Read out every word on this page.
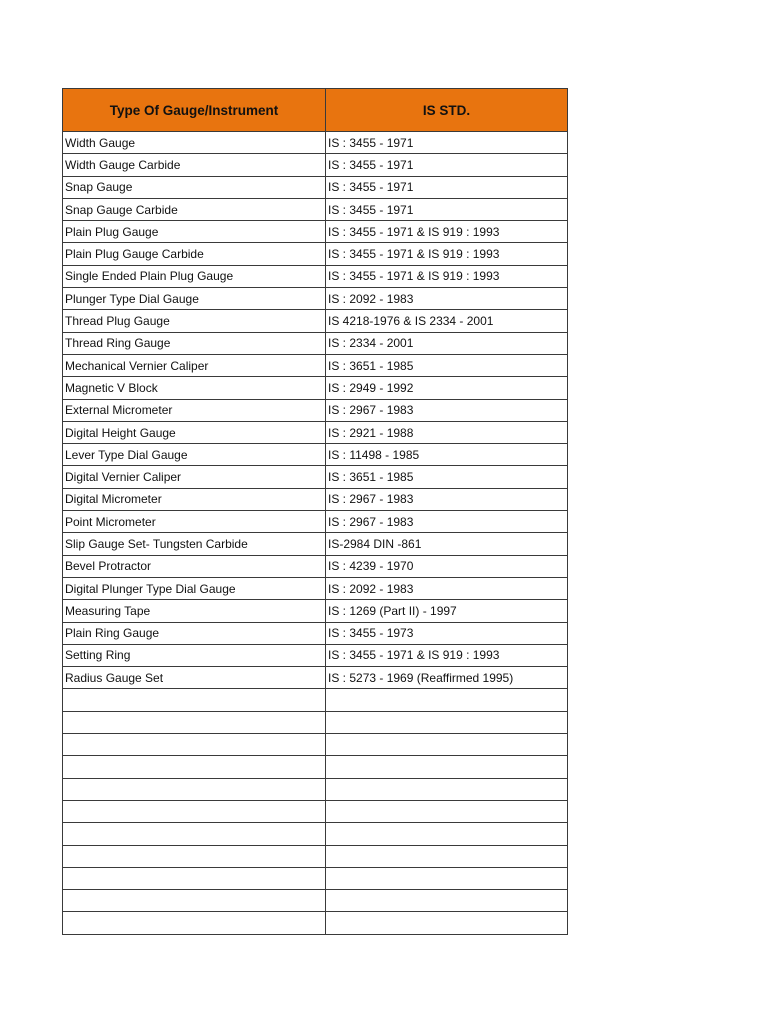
Type Of Gauge/Instrument	IS STD.
Width Gauge	IS : 3455 - 1971
Width Gauge Carbide	IS : 3455 - 1971
Snap Gauge	IS : 3455 - 1971
Snap Gauge Carbide	IS : 3455 - 1971
Plain Plug Gauge	IS : 3455 - 1971 & IS 919 : 1993
Plain Plug Gauge Carbide	IS : 3455 - 1971 & IS 919 : 1993
Single Ended Plain Plug Gauge	IS : 3455 - 1971 & IS 919 : 1993
Plunger Type Dial Gauge	IS : 2092 - 1983
Thread Plug Gauge	IS 4218-1976 & IS 2334 - 2001
Thread Ring Gauge	IS : 2334 - 2001
Mechanical Vernier Caliper	IS : 3651 - 1985
Magnetic V Block	IS : 2949 - 1992
External Micrometer	IS : 2967 - 1983
Digital Height Gauge	IS : 2921 - 1988
Lever Type Dial Gauge	IS : 11498 - 1985
Digital Vernier Caliper	IS : 3651 - 1985
Digital Micrometer	IS : 2967 - 1983
Point Micrometer	IS : 2967 - 1983
Slip Gauge Set- Tungsten Carbide	IS-2984 DIN -861
Bevel Protractor	IS : 4239 - 1970
Digital Plunger Type Dial Gauge	IS : 2092 - 1983
Measuring Tape	IS : 1269 (Part II) - 1997
Plain Ring Gauge	IS : 3455 - 1973
Setting Ring	IS : 3455 - 1971 & IS 919 : 1993
Radius Gauge Set	IS : 5273 - 1969 (Reaffirmed 1995)
